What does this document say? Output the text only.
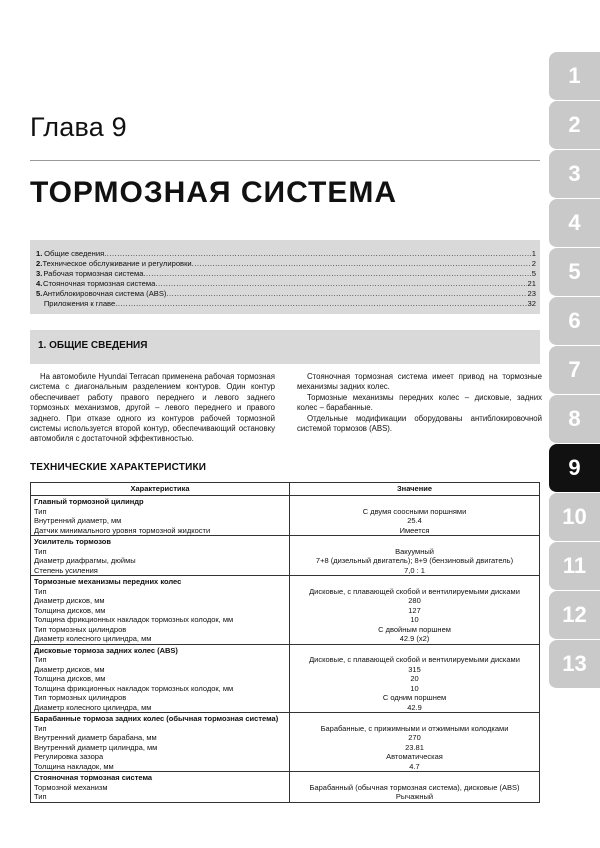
Глава 9
ТОРМОЗНАЯ СИСТЕМА
1. Общие сведения .....	1
2. Техническое обслуживание и регулировки .....	2
3. Рабочая тормозная система .....	5
4. Стояночная тормозная система .....	21
5. Антиблокировочная система (ABS) .....	23
Приложения к главе .....	32
1. ОБЩИЕ СВЕДЕНИЯ

На автомобиле Hyundai Terracan применена рабочая тормозная система с диагональным разделением контуров. Один контур обеспечивает работу правого переднего и левого заднего тормозных механизмов, другой – левого переднего и правого заднего. При отказе одного из контуров рабочей тормозной системы используется второй контур, обеспечивающий остановку автомобиля с достаточной эффективностью.

Стояночная тормозная система имеет привод на тормозные механизмы задних колес.

Тормозные механизмы передних колес – дисковые, задних колес – барабанные.

Отдельные модификации оборудованы антиблокировочной системой тормозов (ABS).

ТЕХНИЧЕСКИЕ ХАРАКТЕРИСТИКИ
Характеристика	Значение
Главный тормозной цилиндр	
Тип	С двумя соосными поршнями
Внутренний диаметр, мм	25.4
Датчик минимального уровня тормозной жидкости	Имеется
Усилитель тормозов	
Тип	Вакуумный
Диаметр диафрагмы, дюймы	7+8 (дизельный двигатель); 8+9 (бензиновый двигатель)
Степень усиления	7,0 : 1
Тормозные механизмы передних колес	
Тип	Дисковые, с плавающей скобой и вентилируемыми дисками
Диаметр дисков, мм	280
Толщина дисков, мм	127
Толщина фрикционных накладок тормозных колодок, мм	10
Тип тормозных цилиндров	С двойным поршнем
Диаметр колесного цилиндра, мм	42.9 (x2)
Дисковые тормоза задних колес (ABS)	
Тип	Дисковые, с плавающей скобой и вентилируемыми дисками
Диаметр дисков, мм	315
Толщина дисков, мм	20
Толщина фрикционных накладок тормозных колодок, мм	10
Тип тормозных цилиндров	С одним поршнем
Диаметр колесного цилиндра, мм	42.9
Барабанные тормоза задних колес (обычная тормозная система)	
Тип	Барабанные, с прижимными и отжимными колодками
Внутренний диаметр барабана, мм	270
Внутренний диаметр цилиндра, мм	23.81
Регулировка зазора	Автоматическая
Толщина накладок, мм	4.7
Стояночная тормозная система	
Тормозной механизм	Барабанный (обычная тормозная система), дисковые (ABS)
Тип	Рычажный
1
2
3
4
5
6
7
8
9
10
11
12
13
